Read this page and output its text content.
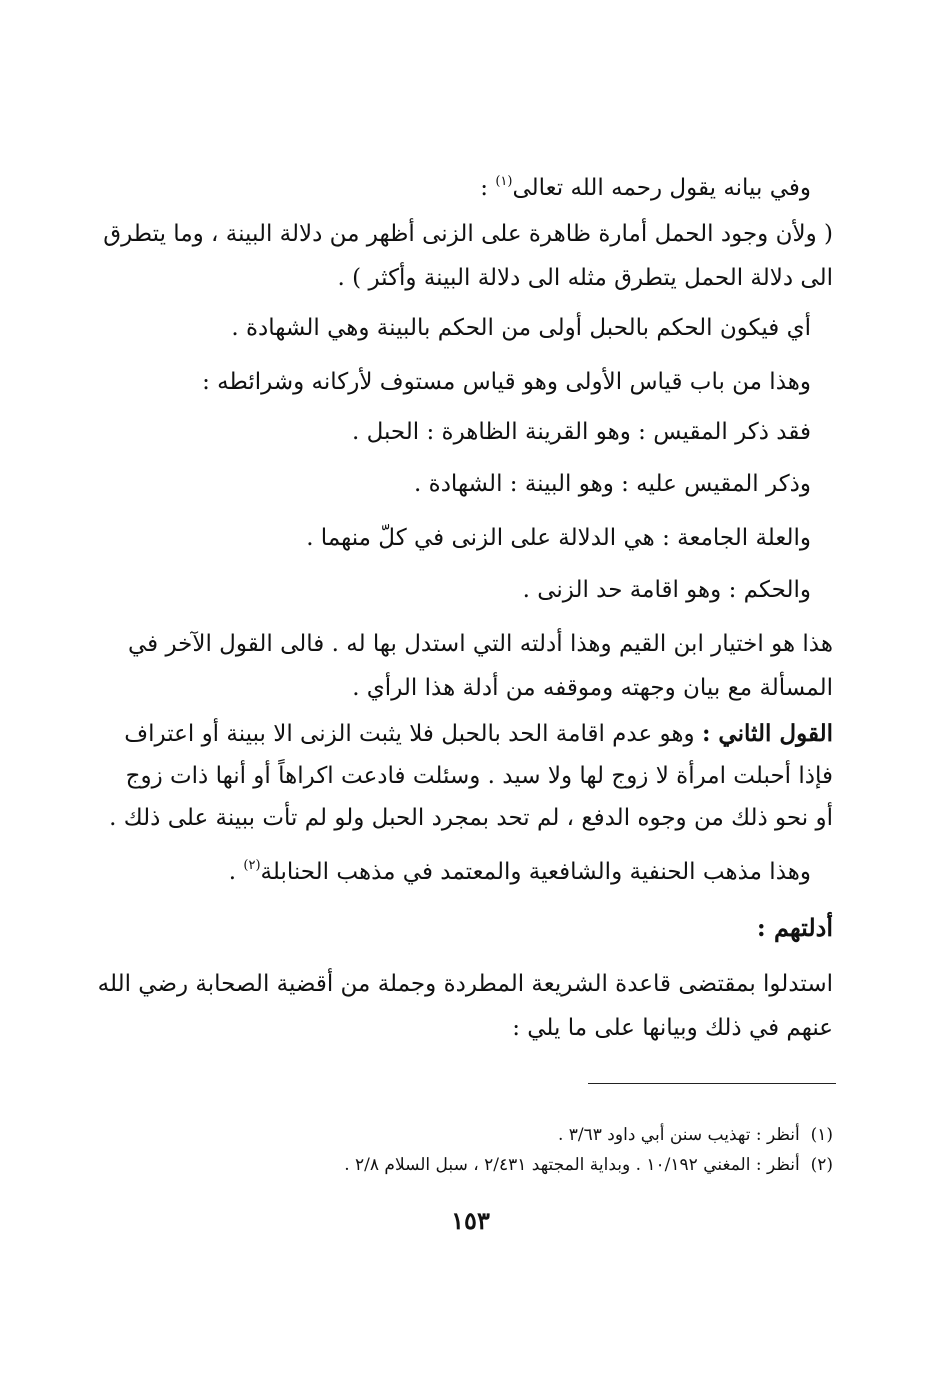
وفي بيانه يقول رحمه الله تعالى$^{(١)}$ :
( ولأن وجود الحمل أمارة ظاهرة على الزنى أظهر من دلالة البينة ، وما يتطرق
الى دلالة الحمل يتطرق مثله الى دلالة البينة وأكثر ) .
أي فيكون الحكم بالحبل أولى من الحكم بالبينة وهي الشهادة .
وهذا من باب قياس الأولى وهو قياس مستوف لأركانه وشرائطه :
فقد ذكر المقيس : وهو القرينة الظاهرة : الحبل .
وذكر المقيس عليه : وهو البينة : الشهادة .
والعلة الجامعة : هي الدلالة على الزنى في كلّ منهما .
والحكم : وهو اقامة حد الزنى .
هذا هو اختيار ابن القيم وهذا أدلته التي استدل بها له . فالى القول الآخر في
المسألة مع بيان وجهته وموقفه من أدلة هذا الرأي .
القول الثاني : وهو عدم اقامة الحد بالحبل فلا يثبت الزنى الا ببينة أو اعتراف
فإذا أحبلت امرأة لا زوج لها ولا سيد . وسئلت فادعت اكراهاً أو أنها ذات زوج
أو نحو ذلك من وجوه الدفع ، لم تحد بمجرد الحبل ولو لم تأت ببينة على ذلك .
وهذا مذهب الحنفية والشافعية والمعتمد في مذهب الحنابلة$^{(٢)}$ .
أدلتهم :
استدلوا بمقتضى قاعدة الشريعة المطردة وجملة من أقضية الصحابة رضي الله
عنهم في ذلك وبيانها على ما يلي :
(١)  أنظر : تهذيب سنن أبي داود ٣/٦٣ .
(٢)  أنظر : المغني ١٠/١٩٢ . وبداية المجتهد ٢/٤٣١ ، سبل السلام ٢/٨ .
١٥٣
